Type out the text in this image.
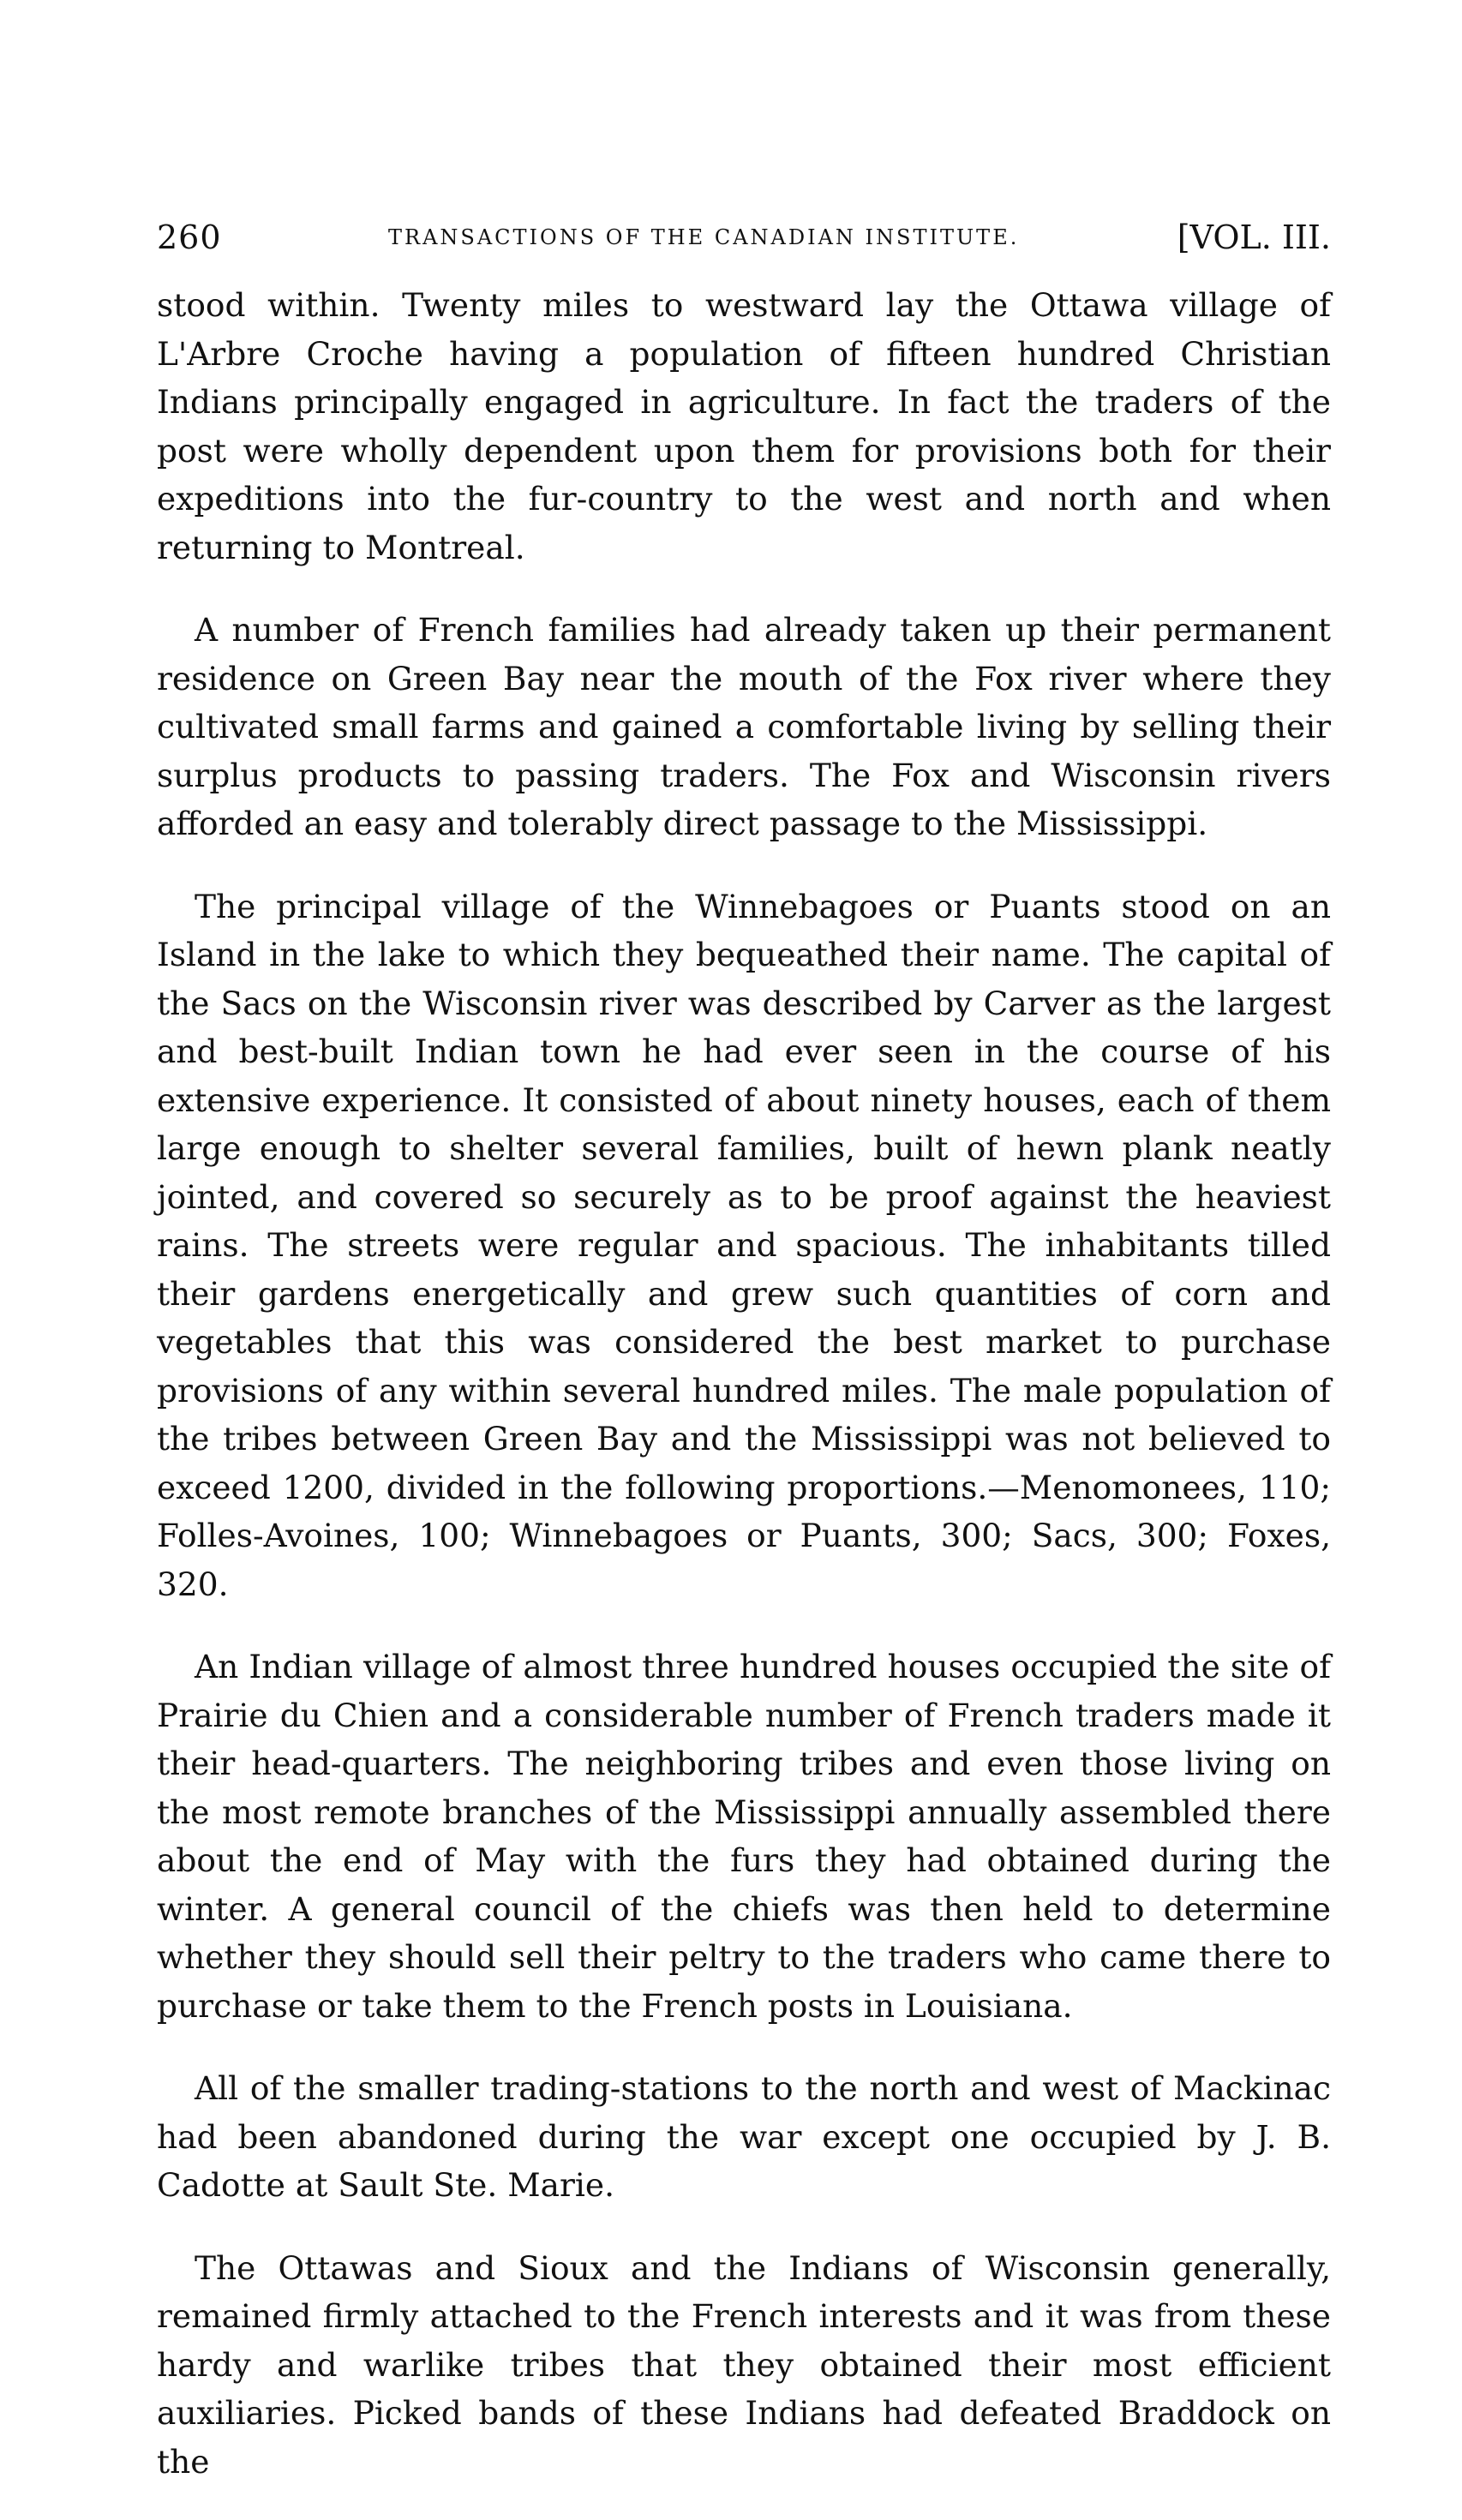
260	TRANSACTIONS OF THE CANADIAN INSTITUTE.	[VOL. III.

stood within. Twenty miles to westward lay the Ottawa village of L'Arbre Croche having a population of fifteen hundred Christian Indians principally engaged in agriculture. In fact the traders of the post were wholly dependent upon them for provisions both for their expeditions into the fur-country to the west and north and when returning to Montreal.

A number of French families had already taken up their permanent residence on Green Bay near the mouth of the Fox river where they cultivated small farms and gained a comfortable living by selling their surplus products to passing traders. The Fox and Wisconsin rivers afforded an easy and tolerably direct passage to the Mississippi.

The principal village of the Winnebagoes or Puants stood on an Island in the lake to which they bequeathed their name. The capital of the Sacs on the Wisconsin river was described by Carver as the largest and best-built Indian town he had ever seen in the course of his extensive experience. It consisted of about ninety houses, each of them large enough to shelter several families, built of hewn plank neatly jointed, and covered so securely as to be proof against the heaviest rains. The streets were regular and spacious. The inhabitants tilled their gardens energetically and grew such quantities of corn and vegetables that this was considered the best market to purchase provisions of any within several hundred miles. The male population of the tribes between Green Bay and the Mississippi was not believed to exceed 1200, divided in the following proportions.—Menomonees, 110; Folles-Avoines, 100; Winnebagoes or Puants, 300; Sacs, 300; Foxes, 320.

An Indian village of almost three hundred houses occupied the site of Prairie du Chien and a considerable number of French traders made it their head-quarters. The neighboring tribes and even those living on the most remote branches of the Mississippi annually assembled there about the end of May with the furs they had obtained during the winter. A general council of the chiefs was then held to determine whether they should sell their peltry to the traders who came there to purchase or take them to the French posts in Louisiana.

All of the smaller trading-stations to the north and west of Mackinac had been abandoned during the war except one occupied by J. B. Cadotte at Sault Ste. Marie.

The Ottawas and Sioux and the Indians of Wisconsin generally, remained firmly attached to the French interests and it was from these hardy and warlike tribes that they obtained their most efficient auxiliaries. Picked bands of these Indians had defeated Braddock on the
